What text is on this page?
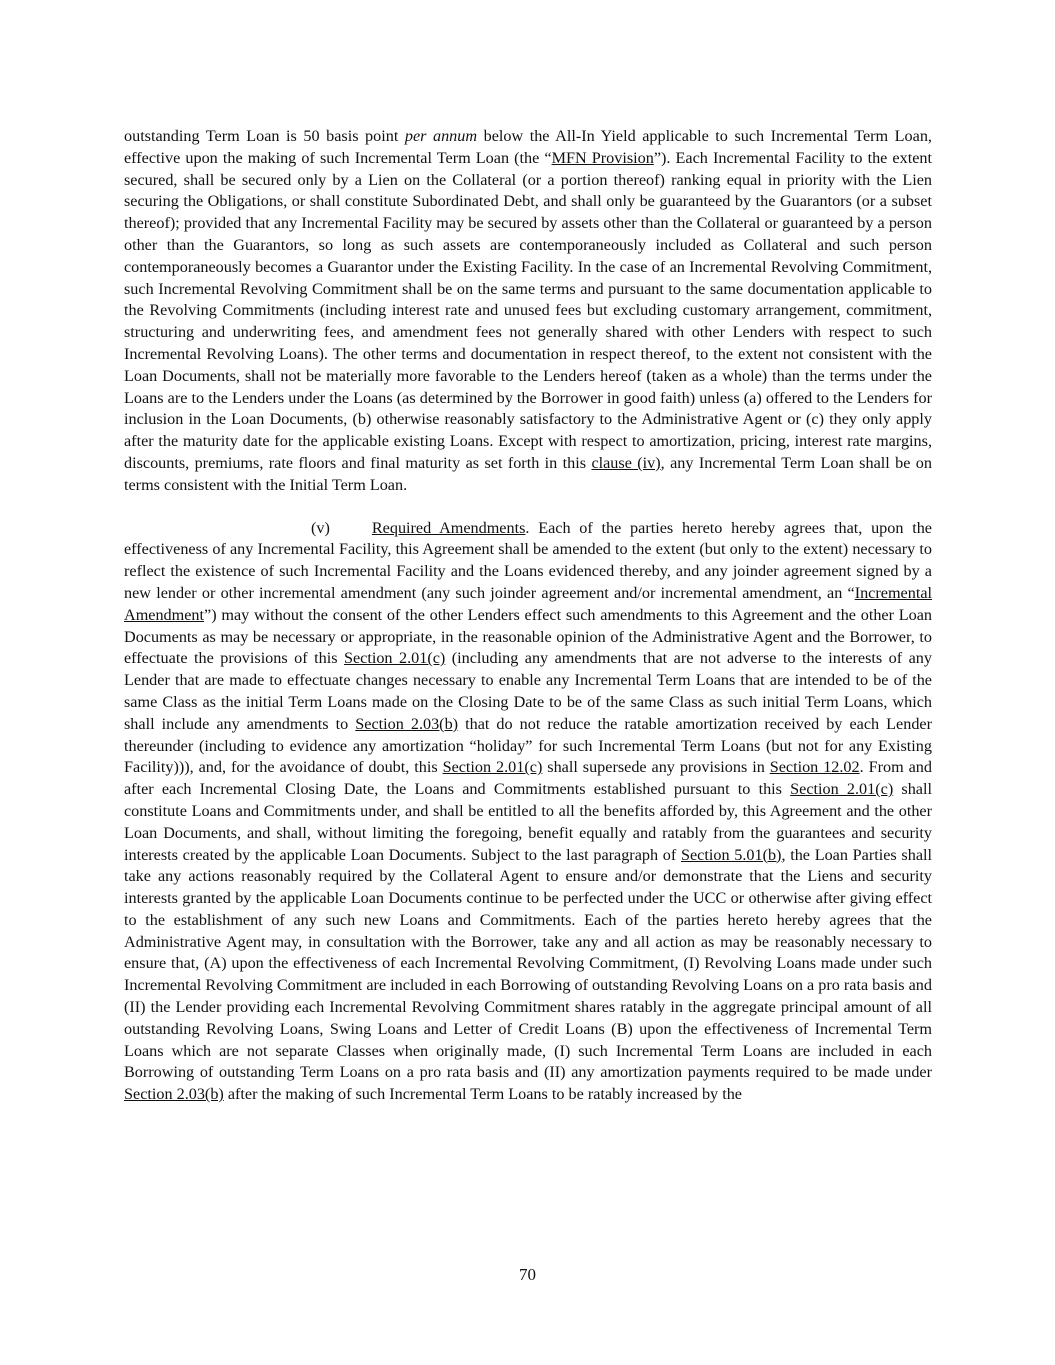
outstanding Term Loan is 50 basis point per annum below the All-In Yield applicable to such Incremental Term Loan, effective upon the making of such Incremental Term Loan (the “MFN Provision”). Each Incremental Facility to the extent secured, shall be secured only by a Lien on the Collateral (or a portion thereof) ranking equal in priority with the Lien securing the Obligations, or shall constitute Subordinated Debt, and shall only be guaranteed by the Guarantors (or a subset thereof); provided that any Incremental Facility may be secured by assets other than the Collateral or guaranteed by a person other than the Guarantors, so long as such assets are contemporaneously included as Collateral and such person contemporaneously becomes a Guarantor under the Existing Facility. In the case of an Incremental Revolving Commitment, such Incremental Revolving Commitment shall be on the same terms and pursuant to the same documentation applicable to the Revolving Commitments (including interest rate and unused fees but excluding customary arrangement, commitment, structuring and underwriting fees, and amendment fees not generally shared with other Lenders with respect to such Incremental Revolving Loans). The other terms and documentation in respect thereof, to the extent not consistent with the Loan Documents, shall not be materially more favorable to the Lenders hereof (taken as a whole) than the terms under the Loans are to the Lenders under the Loans (as determined by the Borrower in good faith) unless (a) offered to the Lenders for inclusion in the Loan Documents, (b) otherwise reasonably satisfactory to the Administrative Agent or (c) they only apply after the maturity date for the applicable existing Loans. Except with respect to amortization, pricing, interest rate margins, discounts, premiums, rate floors and final maturity as set forth in this clause (iv), any Incremental Term Loan shall be on terms consistent with the Initial Term Loan.

(v)	Required Amendments. Each of the parties hereto hereby agrees that, upon the effectiveness of any Incremental Facility, this Agreement shall be amended to the extent (but only to the extent) necessary to reflect the existence of such Incremental Facility and the Loans evidenced thereby, and any joinder agreement signed by a new lender or other incremental amendment (any such joinder agreement and/or incremental amendment, an “Incremental Amendment”) may without the consent of the other Lenders effect such amendments to this Agreement and the other Loan Documents as may be necessary or appropriate, in the reasonable opinion of the Administrative Agent and the Borrower, to effectuate the provisions of this Section 2.01(c) (including any amendments that are not adverse to the interests of any Lender that are made to effectuate changes necessary to enable any Incremental Term Loans that are intended to be of the same Class as the initial Term Loans made on the Closing Date to be of the same Class as such initial Term Loans, which shall include any amendments to Section 2.03(b) that do not reduce the ratable amortization received by each Lender thereunder (including to evidence any amortization “holiday” for such Incremental Term Loans (but not for any Existing Facility))), and, for the avoidance of doubt, this Section 2.01(c) shall supersede any provisions in Section 12.02. From and after each Incremental Closing Date, the Loans and Commitments established pursuant to this Section 2.01(c) shall constitute Loans and Commitments under, and shall be entitled to all the benefits afforded by, this Agreement and the other Loan Documents, and shall, without limiting the foregoing, benefit equally and ratably from the guarantees and security interests created by the applicable Loan Documents. Subject to the last paragraph of Section 5.01(b), the Loan Parties shall take any actions reasonably required by the Collateral Agent to ensure and/or demonstrate that the Liens and security interests granted by the applicable Loan Documents continue to be perfected under the UCC or otherwise after giving effect to the establishment of any such new Loans and Commitments. Each of the parties hereto hereby agrees that the Administrative Agent may, in consultation with the Borrower, take any and all action as may be reasonably necessary to ensure that, (A) upon the effectiveness of each Incremental Revolving Commitment, (I) Revolving Loans made under such Incremental Revolving Commitment are included in each Borrowing of outstanding Revolving Loans on a pro rata basis and (II) the Lender providing each Incremental Revolving Commitment shares ratably in the aggregate principal amount of all outstanding Revolving Loans, Swing Loans and Letter of Credit Loans (B) upon the effectiveness of Incremental Term Loans which are not separate Classes when originally made, (I) such Incremental Term Loans are included in each Borrowing of outstanding Term Loans on a pro rata basis and (II) any amortization payments required to be made under Section 2.03(b) after the making of such Incremental Term Loans to be ratably increased by the

70
